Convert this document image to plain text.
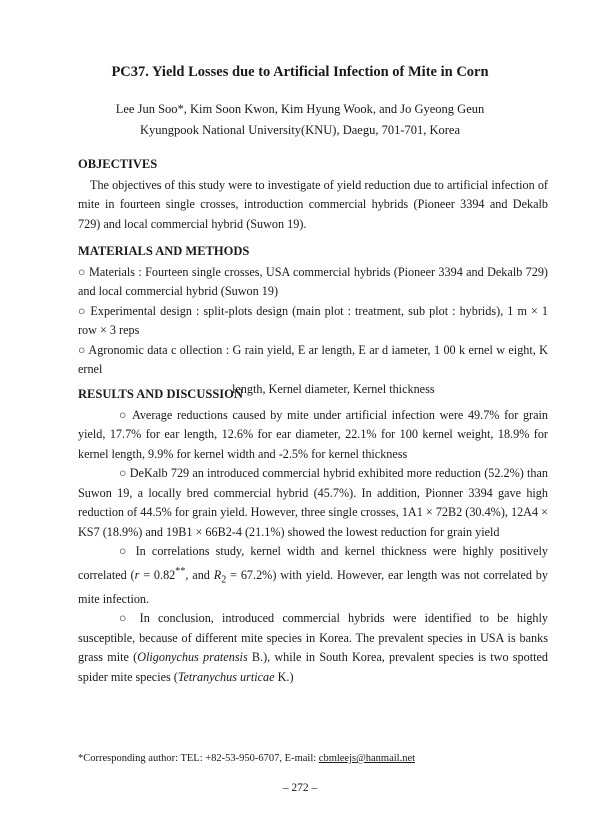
PC37. Yield Losses due to Artificial Infection of Mite in Corn
Lee Jun Soo*, Kim Soon Kwon, Kim Hyung Wook, and Jo Gyeong Geun
Kyungpook National University(KNU), Daegu, 701-701, Korea
OBJECTIVES

The objectives of this study were to investigate of yield reduction due to artificial infection of mite in fourteen single crosses, introduction commercial hybrids (Pioneer 3394 and Dekalb 729) and local commercial hybrid (Suwon 19).

MATERIALS AND METHODS

○ Materials : Fourteen single crosses, USA commercial hybrids (Pioneer 3394 and Dekalb 729) and local commercial hybrid (Suwon 19)

○ Experimental design : split-plots design (main plot : treatment, sub plot : hybrids), 1 m × 1 row × 3 reps

○ Agronomic data c ollection : G rain yield, E ar length, E ar d iameter, 1 00 k ernel w eight, K ernel

length, Kernel diameter, Kernel thickness

RESULTS AND DISCUSSION

○ Average reductions caused by mite under artificial infection were 49.7% for grain yield, 17.7% for ear length, 12.6% for ear diameter, 22.1% for 100 kernel weight, 18.9% for kernel length, 9.9% for kernel width and -2.5% for kernel thickness

○ DeKalb 729 an introduced commercial hybrid exhibited more reduction (52.2%) than Suwon 19, a locally bred commercial hybrid (45.7%). In addition, Pionner 3394 gave high reduction of 44.5% for grain yield. However, three single crosses, 1A1 × 72B2 (30.4%), 12A4 × KS7 (18.9%) and 19B1 × 66B2-4 (21.1%) showed the lowest reduction for grain yield

○ In correlations study, kernel width and kernel thickness were highly positively correlated (r = 0.82**, and $R_2 = 67.2\%$) with yield. However, ear length was not correlated by mite infection.

○ In conclusion, introduced commercial hybrids were identified to be highly susceptible, because of different mite species in Korea. The prevalent species in USA is banks grass mite (Oligonychus pratensis B.), while in South Korea, prevalent species is two spotted spider mite species (Tetranychus urticae K.)

*Corresponding author: TEL: +82-53-950-6707, E-mail: cbmleejs@hanmail.net
– 272 –
